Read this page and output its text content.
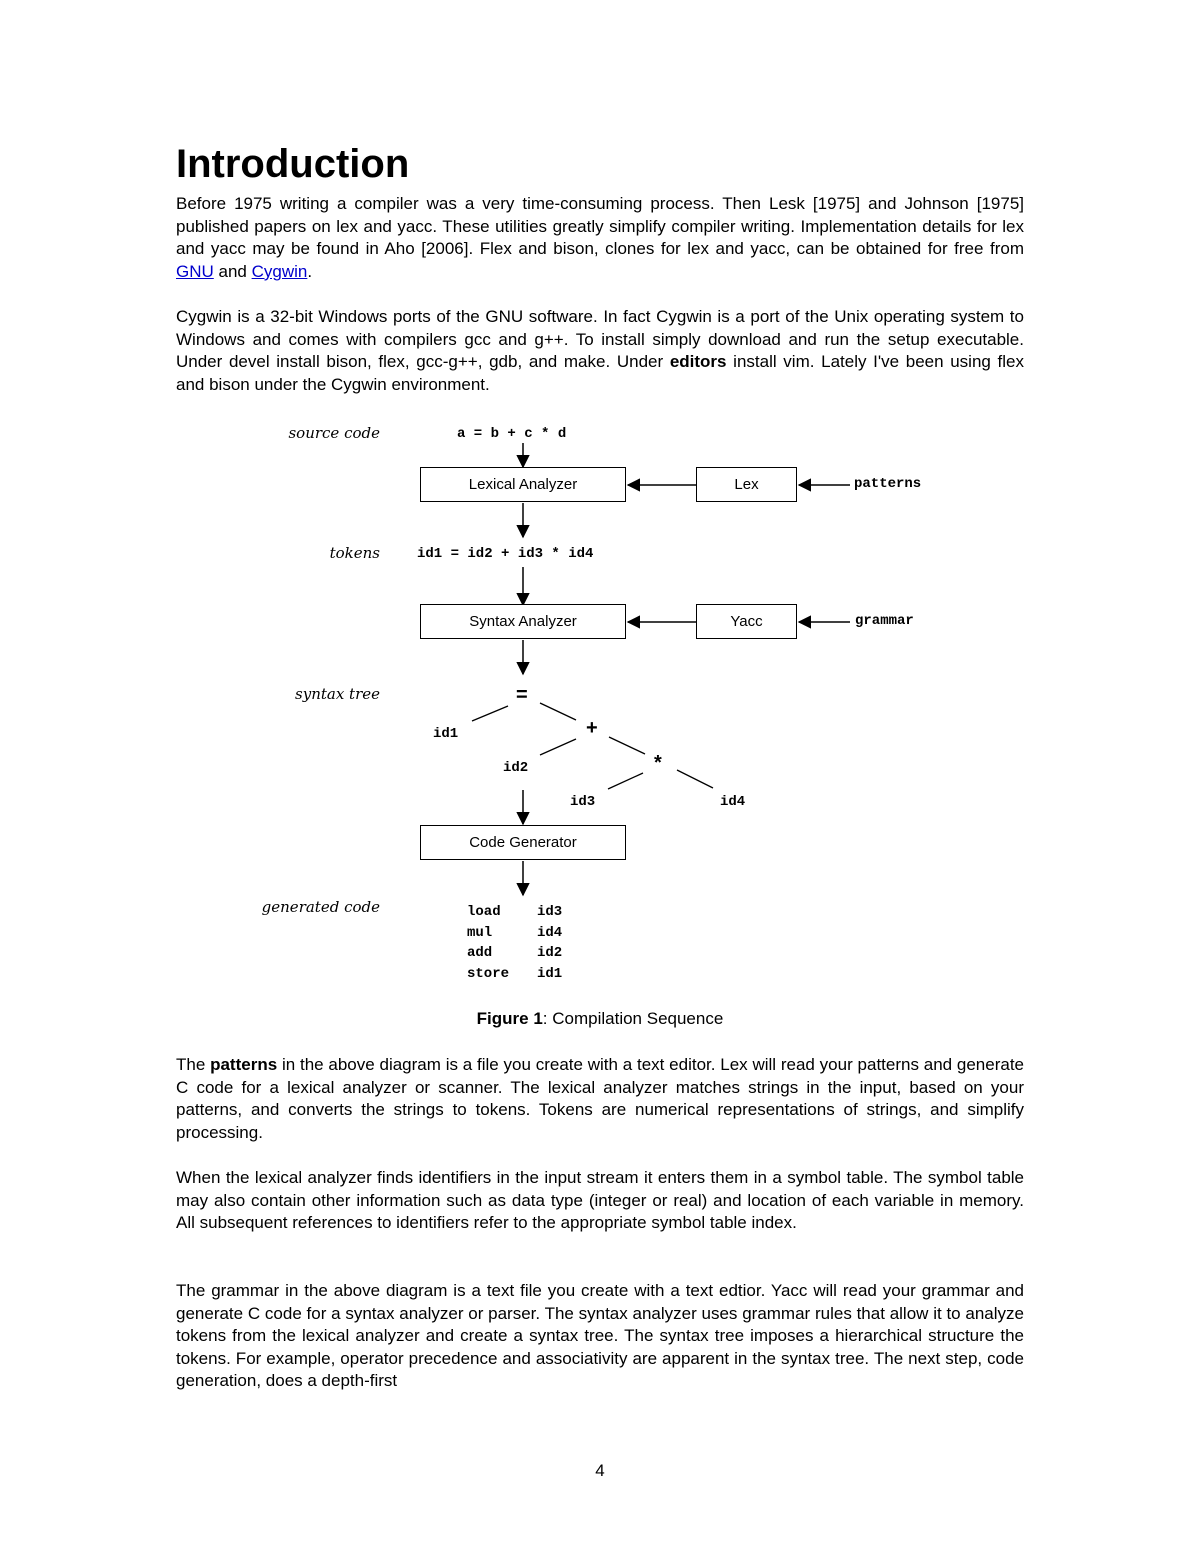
Introduction

Before 1975 writing a compiler was a very time-consuming process. Then Lesk [1975] and Johnson [1975] published papers on lex and yacc. These utilities greatly simplify compiler writing. Implementation details for lex and yacc may be found in Aho [2006]. Flex and bison, clones for lex and yacc, can be obtained for free from GNU and Cygwin.

Cygwin is a 32-bit Windows ports of the GNU software. In fact Cygwin is a port of the Unix operating system to Windows and comes with compilers gcc and g++. To install simply download and run the setup executable. Under devel install bison, flex, gcc-g++, gdb, and make. Under editors install vim. Lately I've been using flex and bison under the Cygwin environment.

source code	a = b + c * d
Lexical Analyzer	Lex	patterns
tokens	id1 = id2 + id3 * id4
Syntax Analyzer	Yacc	grammar
syntax tree	=
id1	+
id2	*
id3	id4
Code Generator
generated code	load	id3
mul	id4
add	id2
store id1
Figure 1: Compilation Sequence

The patterns in the above diagram is a file you create with a text editor. Lex will read your patterns and generate C code for a lexical analyzer or scanner. The lexical analyzer matches strings in the input, based on your patterns, and converts the strings to tokens. Tokens are numerical representations of strings, and simplify processing.

When the lexical analyzer finds identifiers in the input stream it enters them in a symbol table. The symbol table may also contain other information such as data type (integer or real) and location of each variable in memory. All subsequent references to identifiers refer to the appropriate symbol table index.

The grammar in the above diagram is a text file you create with a text edtior. Yacc will read your grammar and generate C code for a syntax analyzer or parser. The syntax analyzer uses grammar rules that allow it to analyze tokens from the lexical analyzer and create a syntax tree. The syntax tree imposes a hierarchical structure the tokens. For example, operator precedence and associativity are apparent in the syntax tree. The next step, code generation, does a depth-first

4
